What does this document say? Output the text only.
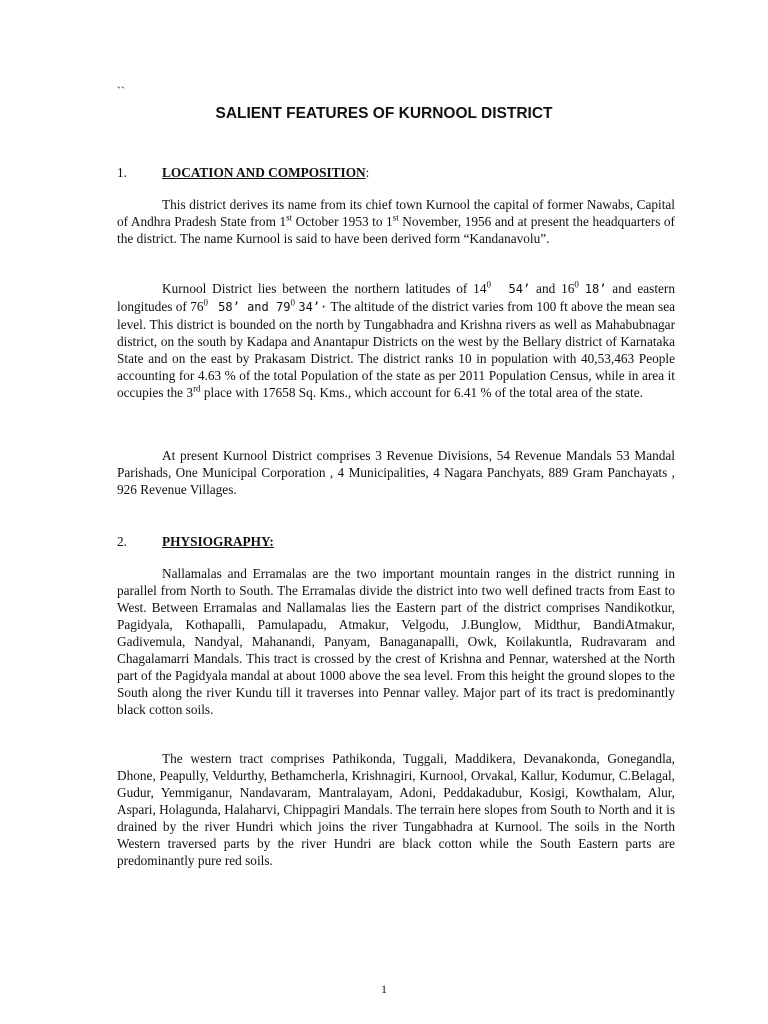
``
SALIENT FEATURES OF KURNOOL DISTRICT
1.	LOCATION AND COMPOSITION:

This district derives its name from its chief town Kurnool the capital of former Nawabs, Capital of Andhra Pradesh State from 1st October 1953 to 1st November, 1956 and at present the headquarters of the district. The name Kurnool is said to have been derived form “Kandanavolu”.

Kurnool District lies between the northern latitudes of $14^0$ 54’ and $16^0$ 18’ and eastern longitudes of $76^0$ 58’ and $79^0$ 34’· The altitude of the district varies from 100 ft above the mean sea level. This district is bounded on the north by Tungabhadra and Krishna rivers as well as Mahabubnagar district, on the south by Kadapa and Anantapur Districts on the west by the Bellary district of Karnataka State and on the east by Prakasam District. The district ranks 10 in population with 40,53,463 People accounting for 4.63 % of the total Population of the state as per 2011 Population Census, while in area it occupies the 3rd place with 17658 Sq. Kms., which account for 6.41 % of the total area of the state.

At present Kurnool District comprises 3 Revenue Divisions, 54 Revenue Mandals 53 Mandal Parishads, One Municipal Corporation , 4 Municipalities, 4 Nagara Panchyats, 889 Gram Panchayats , 926 Revenue Villages.

2.	PHYSIOGRAPHY:

Nallamalas and Erramalas are the two important mountain ranges in the district running in parallel from North to South. The Erramalas divide the district into two well defined tracts from East to West. Between Erramalas and Nallamalas lies the Eastern part of the district comprises Nandikotkur, Pagidyala, Kothapalli, Pamulapadu, Atmakur, Velgodu, J.Bunglow, Midthur, BandiAtmakur, Gadivemula, Nandyal, Mahanandi, Panyam, Banaganapalli, Owk, Koilakuntla, Rudravaram and Chagalamarri Mandals. This tract is crossed by the crest of Krishna and Pennar, watershed at the North part of the Pagidyala mandal at about 1000 above the sea level. From this height the ground slopes to the South along the river Kundu till it traverses into Pennar valley. Major part of its tract is predominantly black cotton soils.

The western tract comprises Pathikonda, Tuggali, Maddikera, Devanakonda, Gonegandla, Dhone, Peapully, Veldurthy, Bethamcherla, Krishnagiri, Kurnool, Orvakal, Kallur, Kodumur, C.Belagal, Gudur, Yemmiganur, Nandavaram, Mantralayam, Adoni, Peddakadubur, Kosigi, Kowthalam, Alur, Aspari, Holagunda, Halaharvi, Chippagiri Mandals. The terrain here slopes from South to North and it is drained by the river Hundri which joins the river Tungabhadra at Kurnool. The soils in the North Western traversed parts by the river Hundri are black cotton while the South Eastern parts are predominantly pure red soils.

1
